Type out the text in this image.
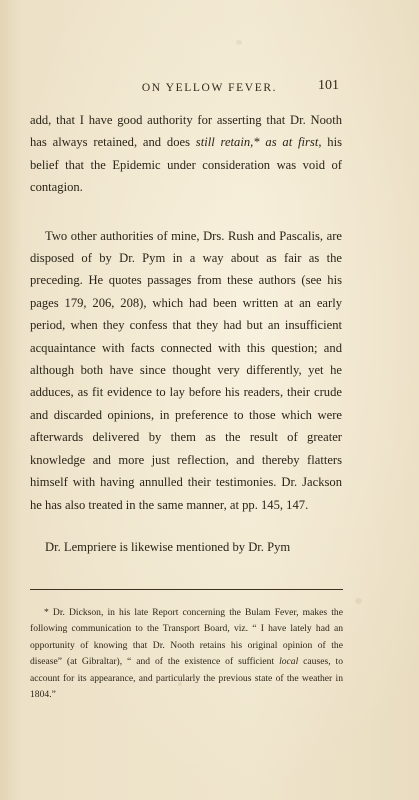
ON YELLOW FEVER.	101

add, that I have good authority for asserting that Dr. Nooth has always retained, and does still retain,* as at first, his belief that the Epidemic under consideration was void of contagion.

Two other authorities of mine, Drs. Rush and Pascalis, are disposed of by Dr. Pym in a way about as fair as the preceding. He quotes passages from these authors (see his pages 179, 206, 208), which had been written at an early period, when they confess that they had but an insufficient acquaintance with facts connected with this question; and although both have since thought very differently, yet he adduces, as fit evidence to lay before his readers, their crude and discarded opinions, in preference to those which were afterwards delivered by them as the result of greater knowledge and more just reflection, and thereby flatters himself with having annulled their testimonies. Dr. Jackson he has also treated in the same manner, at pp. 145, 147.

Dr. Lempriere is likewise mentioned by Dr. Pym

* Dr. Dickson, in his late Report concerning the Bulam Fever, makes the following communication to the Transport Board, viz. “ I have lately had an opportunity of knowing that Dr. Nooth retains his original opinion of the disease” (at Gibraltar), “ and of the existence of sufficient local causes, to account for its appearance, and particularly the previous state of the weather in 1804.”
